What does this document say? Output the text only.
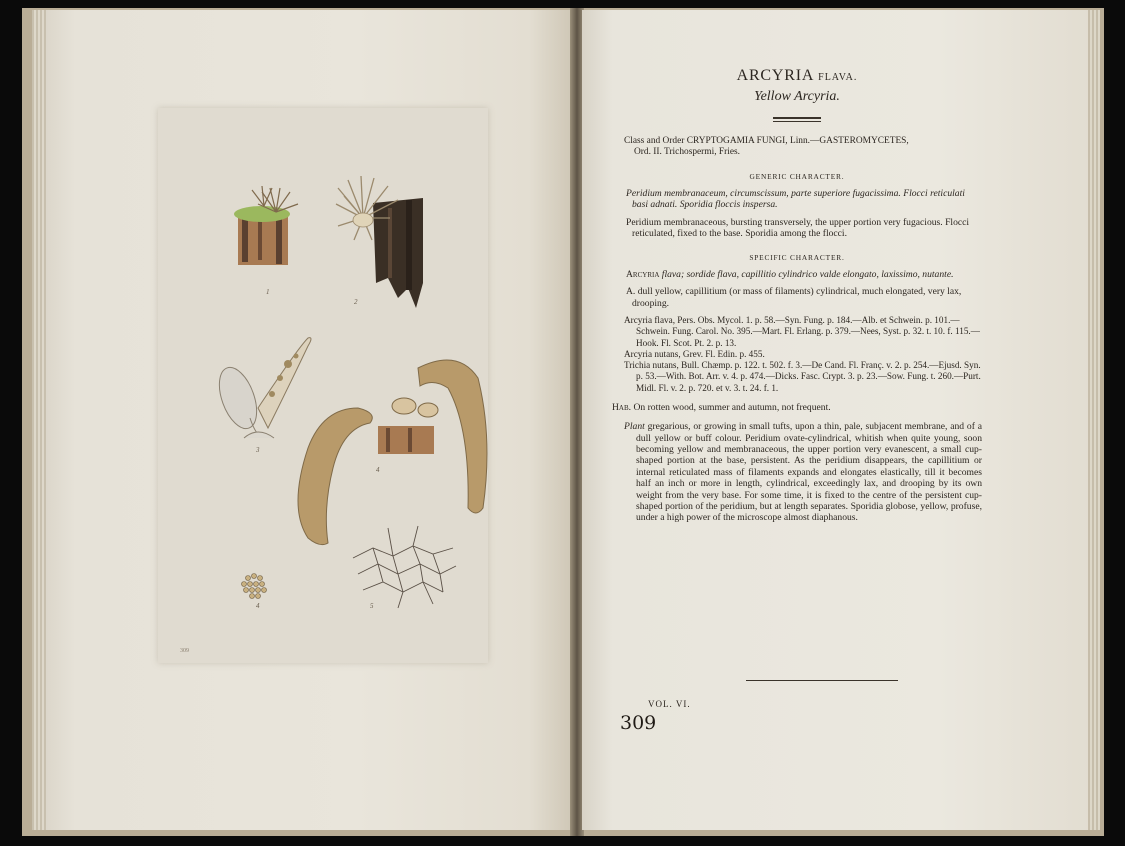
1
2
3
4
4	5
309
ARCYRIA FLAVA.
Yellow Arcyria.
Class and Order CRYPTOGAMIA FUNGI, Linn.—GASTEROMYCETES,
Ord. II. Trichospermi, Fries.
GENERIC CHARACTER.
Peridium membranaceum, circumscissum, parte superiore fugacissima. Flocci reticulati basi adnati. Sporidia floccis inspersa.
Peridium membranaceous, bursting transversely, the upper portion very fugacious. Flocci reticulated, fixed to the base. Sporidia among the flocci.
SPECIFIC CHARACTER.
Arcyria flava; sordide flava, capillitio cylindrico valde elongato, laxissimo, nutante.
A. dull yellow, capillitium (or mass of filaments) cylindrical, much elongated, very lax, drooping.
Arcyria flava, Pers. Obs. Mycol. 1. p. 58.—Syn. Fung. p. 184.—Alb. et Schwein. p. 101.—Schwein. Fung. Carol. No. 395.—Mart. Fl. Erlang. p. 379.—Nees, Syst. p. 32. t. 10. f. 115.—Hook. Fl. Scot. Pt. 2. p. 13.
Arcyria nutans, Grev. Fl. Edin. p. 455.
Trichia nutans, Bull. Chæmp. p. 122. t. 502. f. 3.—De Cand. Fl. Franç. v. 2. p. 254.—Ejusd. Syn. p. 53.—With. Bot. Arr. v. 4. p. 474.—Dicks. Fasc. Crypt. 3. p. 23.—Sow. Fung. t. 260.—Purt. Midl. Fl. v. 2. p. 720. et v. 3. t. 24. f. 1.
Hab. On rotten wood, summer and autumn, not frequent.
Plant gregarious, or growing in small tufts, upon a thin, pale, subjacent membrane, and of a dull yellow or buff colour. Peridium ovate-cylindrical, whitish when quite young, soon becoming yellow and membranaceous, the upper portion very evanescent, a small cup-shaped portion at the base, persistent. As the peridium disappears, the capillitium or internal reticulated mass of filaments expands and elongates elastically, till it becomes half an inch or more in length, cylindrical, exceedingly lax, and drooping by its own weight from the very base. For some time, it is fixed to the centre of the persistent cup-shaped portion of the peridium, but at length separates. Sporidia globose, yellow, profuse, under a high power of the microscope almost diaphanous.
VOL. VI.
309
